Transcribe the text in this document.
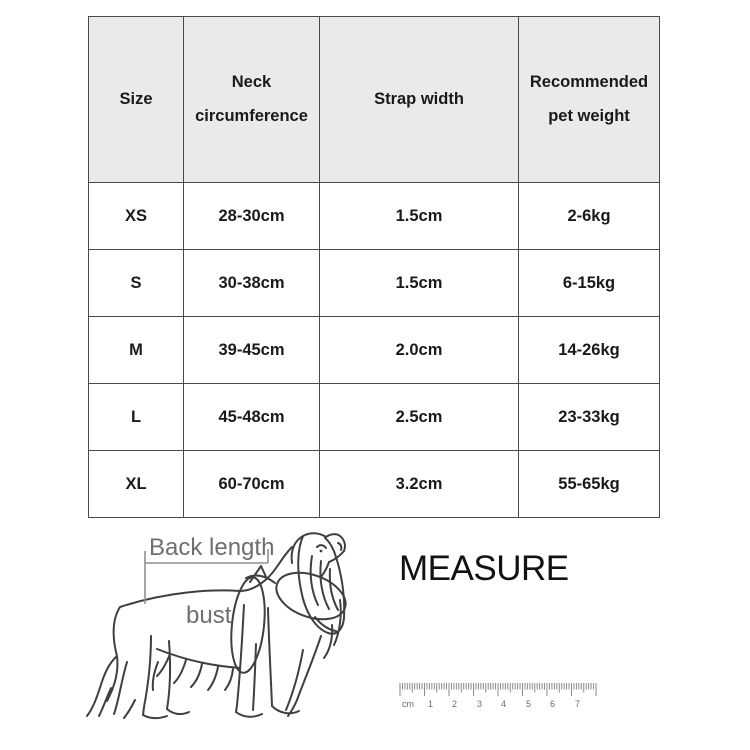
Size	Neck circumference	Strap width	Recommended pet weight
XS	28-30cm	1.5cm	2-6kg
S	30-38cm	1.5cm	6-15kg
M	39-45cm	2.0cm	14-26kg
L	45-48cm	2.5cm	23-33kg
XL	60-70cm	3.2cm	55-65kg
cm 1 2 3 4 5 6 7
Back length
bust
MEASURE
